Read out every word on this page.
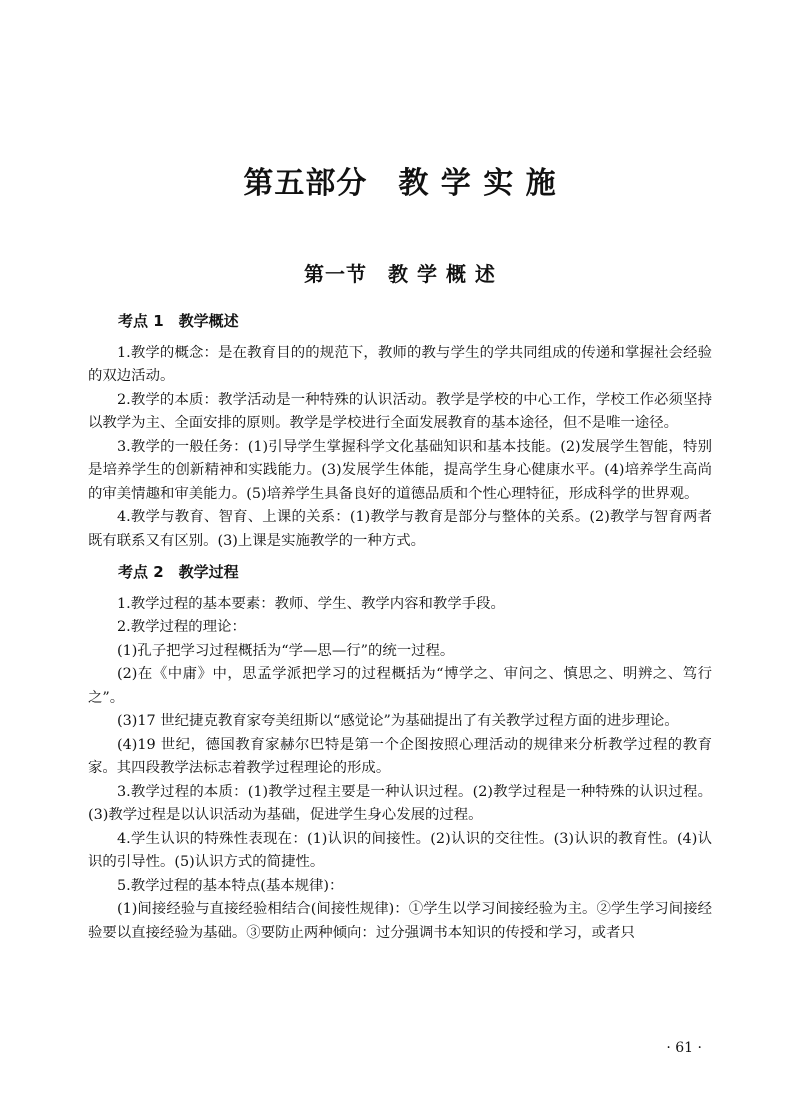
第五部分　教 学 实 施
第一节　教 学 概 述
考点 1　教学概述

1.教学的概念：是在教育目的的规范下，教师的教与学生的学共同组成的传递和掌握社会经验的双边活动。

2.教学的本质：教学活动是一种特殊的认识活动。教学是学校的中心工作，学校工作必须坚持以教学为主、全面安排的原则。教学是学校进行全面发展教育的基本途径，但不是唯一途径。

3.教学的一般任务：(1)引导学生掌握科学文化基础知识和基本技能。(2)发展学生智能，特别是培养学生的创新精神和实践能力。(3)发展学生体能，提高学生身心健康水平。(4)培养学生高尚的审美情趣和审美能力。(5)培养学生具备良好的道德品质和个性心理特征，形成科学的世界观。

4.教学与教育、智育、上课的关系：(1)教学与教育是部分与整体的关系。(2)教学与智育两者既有联系又有区别。(3)上课是实施教学的一种方式。

考点 2　教学过程

1.教学过程的基本要素：教师、学生、教学内容和教学手段。

2.教学过程的理论：

(1)孔子把学习过程概括为“学—思—行”的统一过程。

(2)在《中庸》中，思孟学派把学习的过程概括为“博学之、审问之、慎思之、明辨之、笃行之”。

(3)17 世纪捷克教育家夸美纽斯以“感觉论”为基础提出了有关教学过程方面的进步理论。

(4)19 世纪，德国教育家赫尔巴特是第一个企图按照心理活动的规律来分析教学过程的教育家。其四段教学法标志着教学过程理论的形成。

3.教学过程的本质：(1)教学过程主要是一种认识过程。(2)教学过程是一种特殊的认识过程。(3)教学过程是以认识活动为基础，促进学生身心发展的过程。

4.学生认识的特殊性表现在：(1)认识的间接性。(2)认识的交往性。(3)认识的教育性。(4)认识的引导性。(5)认识方式的简捷性。

5.教学过程的基本特点(基本规律)：

(1)间接经验与直接经验相结合(间接性规律)：①学生以学习间接经验为主。②学生学习间接经验要以直接经验为基础。③要防止两种倾向：过分强调书本知识的传授和学习，或者只

· 61 ·
